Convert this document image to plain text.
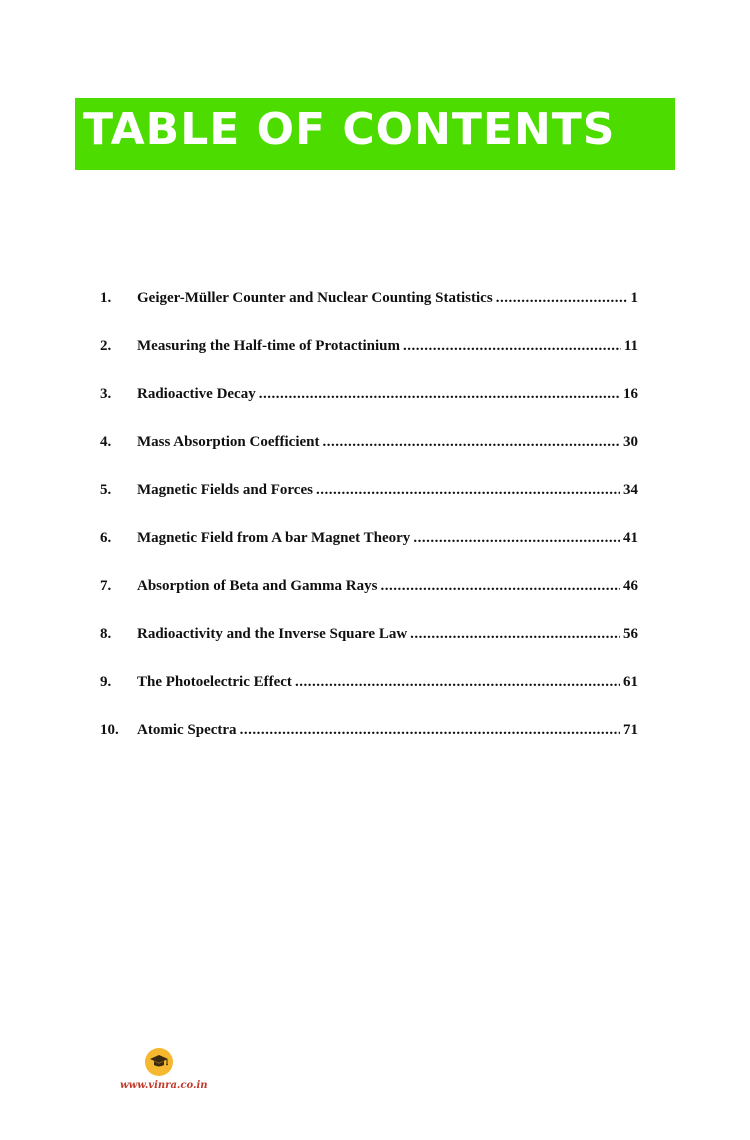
TABLE OF CONTENTS
1.	Geiger-Müller Counter and Nuclear Counting Statistics .....	1
2.	Measuring the Half-time of Protactinium .....	11
3.	Radioactive Decay .....	16
4.	Mass Absorption Coefficient .....	30
5.	Magnetic Fields and Forces .....	34
6.	Magnetic Field from A bar Magnet Theory .....	41
7.	Absorption of Beta and Gamma Rays .....	46
8.	Radioactivity and the Inverse Square Law .....	56
9.	The Photoelectric Effect .....	61
10.	Atomic Spectra .....	71
www.vinra.co.in
